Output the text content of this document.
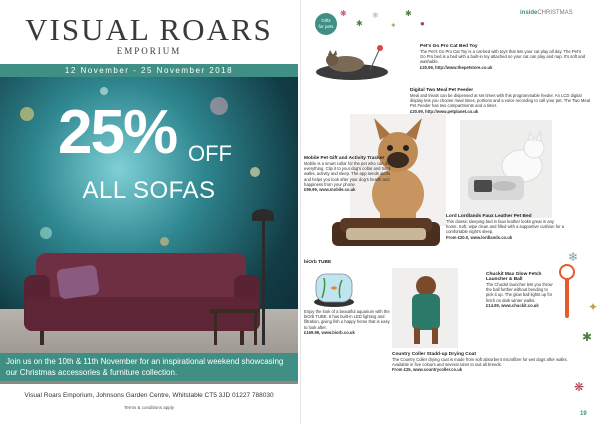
VISUAL ROARS
EMPORIUM
12 November - 25 November 2018
25% OFF
ALL SOFAS
Join us on the 10th & 11th November for an inspirational weekend showcasing our Christmas accessories & furniture collection.
Visual Roars Emporium, Johnsons Garden Centre, Whitstable CT5 3JD 01227 788030
Terms & conditions apply
Gifts
for pets
insideCHRISTMAS
❋
✱
❄
✦
✱
●
❄
✱
❋
✦
Pet's Go Pro Cat Bed Toy
The Pet's Go Pro Cat Toy is a cat-bed with toys that lets your cat play all day. The Pet's Go Pro bed is a bed with a built-in toy attached so your cat can play and nap. It's soft and washable.
£20.99, http://www.thepetstore.co.uk
Digital Two Meal Pet Feeder
Meal and treats can be dispensed at set times with this programmable feeder. An LCD digital display lets you choose meal times, portions and a voice recording to call your pet. The Two Meal Pet Feeder has two compartments and a timer.
£20.99, http://www.petplanet.co.uk
Mobile Pet Gift and Activity Tracker
Mobile is a smart collar for the pet who can do everything. Clip it to your dog's collar and track walks, activity and sleep. The app sends alerts and helps you look after your dog's health and happiness from your phone.
£99.99, www.mobile.co.uk
Lord Lordlands Faux Leather Pet Bed
This classic sleeping bed in faux leather looks great in any home. Soft, wipe clean and filled with a supportive cushion for a comfortable night's sleep.
From £20.0, www.lordlands.co.uk
biOrb TUBE
Enjoy the look of a beautiful aquarium with the biOrb TUBE. It has built-in LED lighting and filtration, giving fish a happy home that is easy to look after.
£169.99, www.biorb.co.uk
Country Coller Stadd-up Drying Coat
The Country Coller drying coat is made from soft absorbent microfibre for wet dogs after walks. Available in five colours and several sizes to suit all breeds.
From £25, www.countrycoller.co.uk
Chuckit Max Glow Fetch Launcher & Ball
The Chuckit launcher lets you throw the ball further without bending to pick it up. The glow ball lights up for fetch on dark winter walks.
£14.99, www.chuckit.co.uk
19
